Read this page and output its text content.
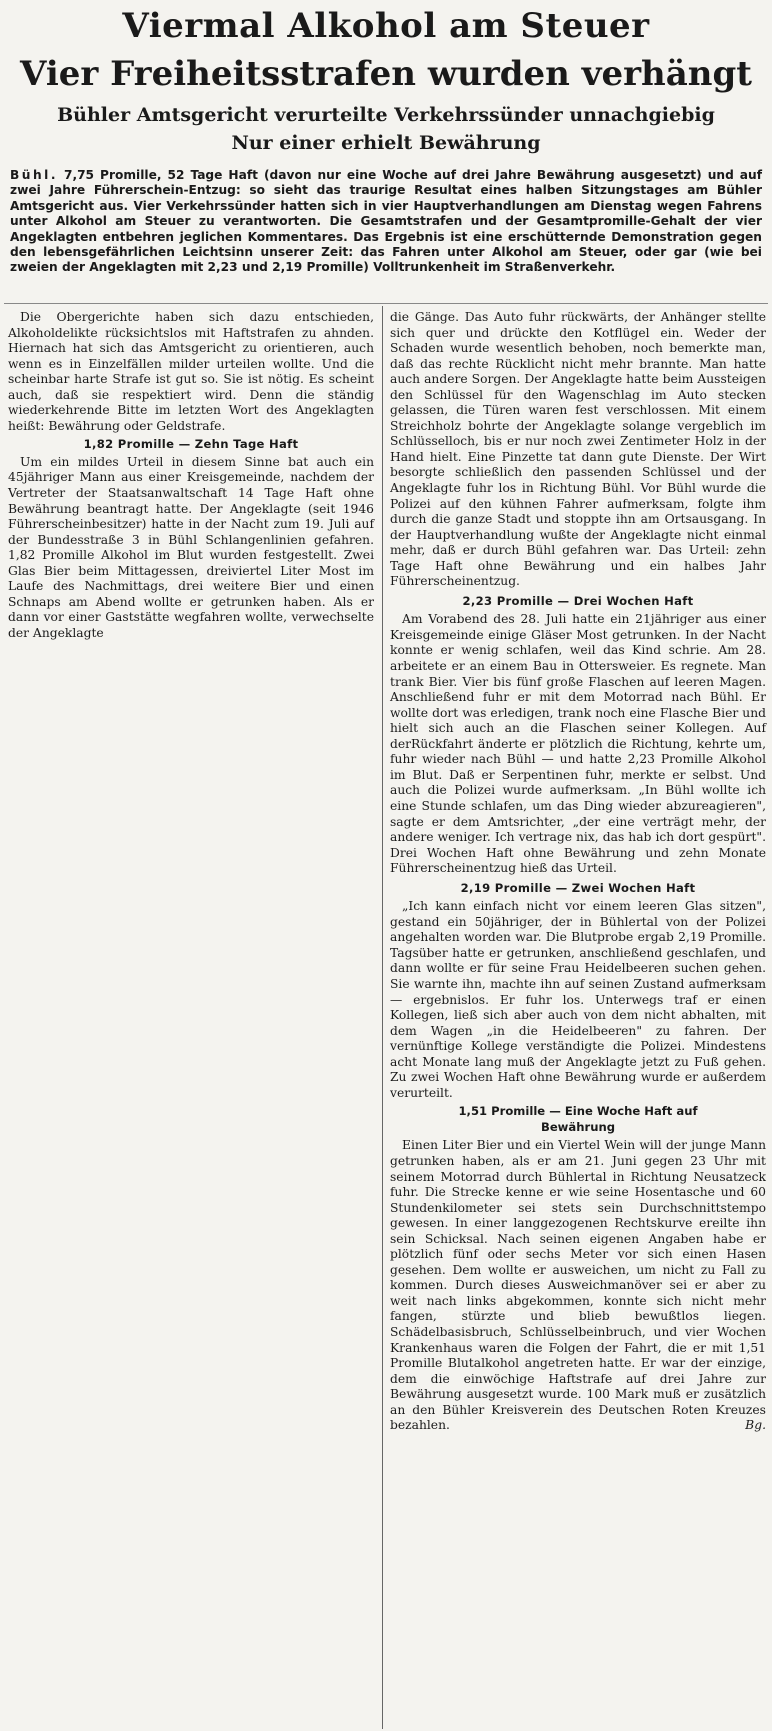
Viermal Alkohol am Steuer
Vier Freiheitsstrafen wurden verhängt
Bühler Amtsgericht verurteilte Verkehrssünder unnachgiebig
Nur einer erhielt Bewährung
Bühl. 7,75 Promille, 52 Tage Haft (davon nur eine Woche auf drei Jahre Bewährung ausgesetzt) und auf zwei Jahre Führerschein-Entzug: so sieht das traurige Resultat eines halben Sitzungstages am Bühler Amtsgericht aus. Vier Verkehrssünder hatten sich in vier Hauptverhandlungen am Dienstag wegen Fahrens unter Alkohol am Steuer zu verantworten. Die Gesamtstrafen und der Gesamtpromille-Gehalt der vier Angeklagten entbehren jeglichen Kommentares. Das Ergebnis ist eine erschütternde Demonstration gegen den lebensgefährlichen Leichtsinn unserer Zeit: das Fahren unter Alkohol am Steuer, oder gar (wie bei zweien der Angeklagten mit 2,23 und 2,19 Promille) Volltrunkenheit im Straßenverkehr.

Die Obergerichte haben sich dazu entschieden, Alkoholdelikte rücksichtslos mit Haftstrafen zu ahnden. Hiernach hat sich das Amtsgericht zu orientieren, auch wenn es in Einzelfällen milder urteilen wollte. Und die scheinbar harte Strafe ist gut so. Sie ist nötig. Es scheint auch, daß sie respektiert wird. Denn die ständig wiederkehrende Bitte im letzten Wort des Angeklagten heißt: Bewährung oder Geldstrafe.

1,82 Promille — Zehn Tage Haft

Um ein mildes Urteil in diesem Sinne bat auch ein 45jähriger Mann aus einer Kreisgemeinde, nachdem der Vertreter der Staatsanwaltschaft 14 Tage Haft ohne Bewährung beantragt hatte. Der Angeklagte (seit 1946 Führerscheinbesitzer) hatte in der Nacht zum 19. Juli auf der Bundesstraße 3 in Bühl Schlangenlinien gefahren. 1,82 Promille Alkohol im Blut wurden festgestellt. Zwei Glas Bier beim Mittagessen, dreiviertel Liter Most im Laufe des Nachmittags, drei weitere Bier und einen Schnaps am Abend wollte er getrunken haben. Als er dann vor einer Gaststätte wegfahren wollte, verwechselte der Angeklagte

die Gänge. Das Auto fuhr rückwärts, der Anhänger stellte sich quer und drückte den Kotflügel ein. Weder der Schaden wurde wesentlich behoben, noch bemerkte man, daß das rechte Rücklicht nicht mehr brannte. Man hatte auch andere Sorgen. Der Angeklagte hatte beim Aussteigen den Schlüssel für den Wagenschlag im Auto stecken gelassen, die Türen waren fest verschlossen. Mit einem Streichholz bohrte der Angeklagte solange vergeblich im Schlüsselloch, bis er nur noch zwei Zentimeter Holz in der Hand hielt. Eine Pinzette tat dann gute Dienste. Der Wirt besorgte schließlich den passenden Schlüssel und der Angeklagte fuhr los in Richtung Bühl. Vor Bühl wurde die Polizei auf den kühnen Fahrer aufmerksam, folgte ihm durch die ganze Stadt und stoppte ihn am Ortsausgang. In der Hauptverhandlung wußte der Angeklagte nicht einmal mehr, daß er durch Bühl gefahren war. Das Urteil: zehn Tage Haft ohne Bewährung und ein halbes Jahr Führerscheinentzug.

2,23 Promille — Drei Wochen Haft

Am Vorabend des 28. Juli hatte ein 21jähriger aus einer Kreisgemeinde einige Gläser Most getrunken. In der Nacht konnte er wenig schlafen, weil das Kind schrie. Am 28. arbeitete er an einem Bau in Ottersweier. Es regnete. Man trank Bier. Vier bis fünf große Flaschen auf leeren Magen. Anschließend fuhr er mit dem Motorrad nach Bühl. Er wollte dort was erledigen, trank noch eine Flasche Bier und hielt sich auch an die Flaschen seiner Kollegen. Auf derRückfahrt änderte er plötzlich die Richtung, kehrte um, fuhr wieder nach Bühl — und hatte 2,23 Promille Alkohol im Blut. Daß er Serpentinen fuhr, merkte er selbst. Und auch die Polizei wurde aufmerksam. „In Bühl wollte ich eine Stunde schlafen, um das Ding wieder abzureagieren", sagte er dem Amtsrichter, „der eine verträgt mehr, der andere weniger. Ich vertrage nix, das hab ich dort gespürt". Drei Wochen Haft ohne Bewährung und zehn Monate Führerscheinentzug hieß das Urteil.

2,19 Promille — Zwei Wochen Haft

„Ich kann einfach nicht vor einem leeren Glas sitzen", gestand ein 50jähriger, der in Bühlertal von der Polizei angehalten worden war. Die Blutprobe ergab 2,19 Promille. Tagsüber hatte er getrunken, anschließend geschlafen, und dann wollte er für seine Frau Heidelbeeren suchen gehen. Sie warnte ihn, machte ihn auf seinen Zustand aufmerksam — ergebnislos. Er fuhr los. Unterwegs traf er einen Kollegen, ließ sich aber auch von dem nicht abhalten, mit dem Wagen „in die Heidelbeeren" zu fahren. Der vernünftige Kollege verständigte die Polizei. Mindestens acht Monate lang muß der Angeklagte jetzt zu Fuß gehen. Zu zwei Wochen Haft ohne Bewährung wurde er außerdem verurteilt.

1,51 Promille — Eine Woche Haft auf
Bewährung

Einen Liter Bier und ein Viertel Wein will der junge Mann getrunken haben, als er am 21. Juni gegen 23 Uhr mit seinem Motorrad durch Bühlertal in Richtung Neusatzeck fuhr. Die Strecke kenne er wie seine Hosentasche und 60 Stundenkilometer sei stets sein Durchschnittstempo gewesen. In einer langgezogenen Rechtskurve ereilte ihn sein Schicksal. Nach seinen eigenen Angaben habe er plötzlich fünf oder sechs Meter vor sich einen Hasen gesehen. Dem wollte er ausweichen, um nicht zu Fall zu kommen. Durch dieses Ausweichmanöver sei er aber zu weit nach links abgekommen, konnte sich nicht mehr fangen, stürzte und blieb bewußtlos liegen. Schädelbasisbruch, Schlüsselbeinbruch, und vier Wochen Krankenhaus waren die Folgen der Fahrt, die er mit 1,51 Promille Blutalkohol angetreten hatte. Er war der einzige, dem die einwöchige Haftstrafe auf drei Jahre zur Bewährung ausgesetzt wurde. 100 Mark muß er zusätzlich an den Bühler Kreisverein des Deutschen Roten Kreuzes bezahlen.	Bg.
